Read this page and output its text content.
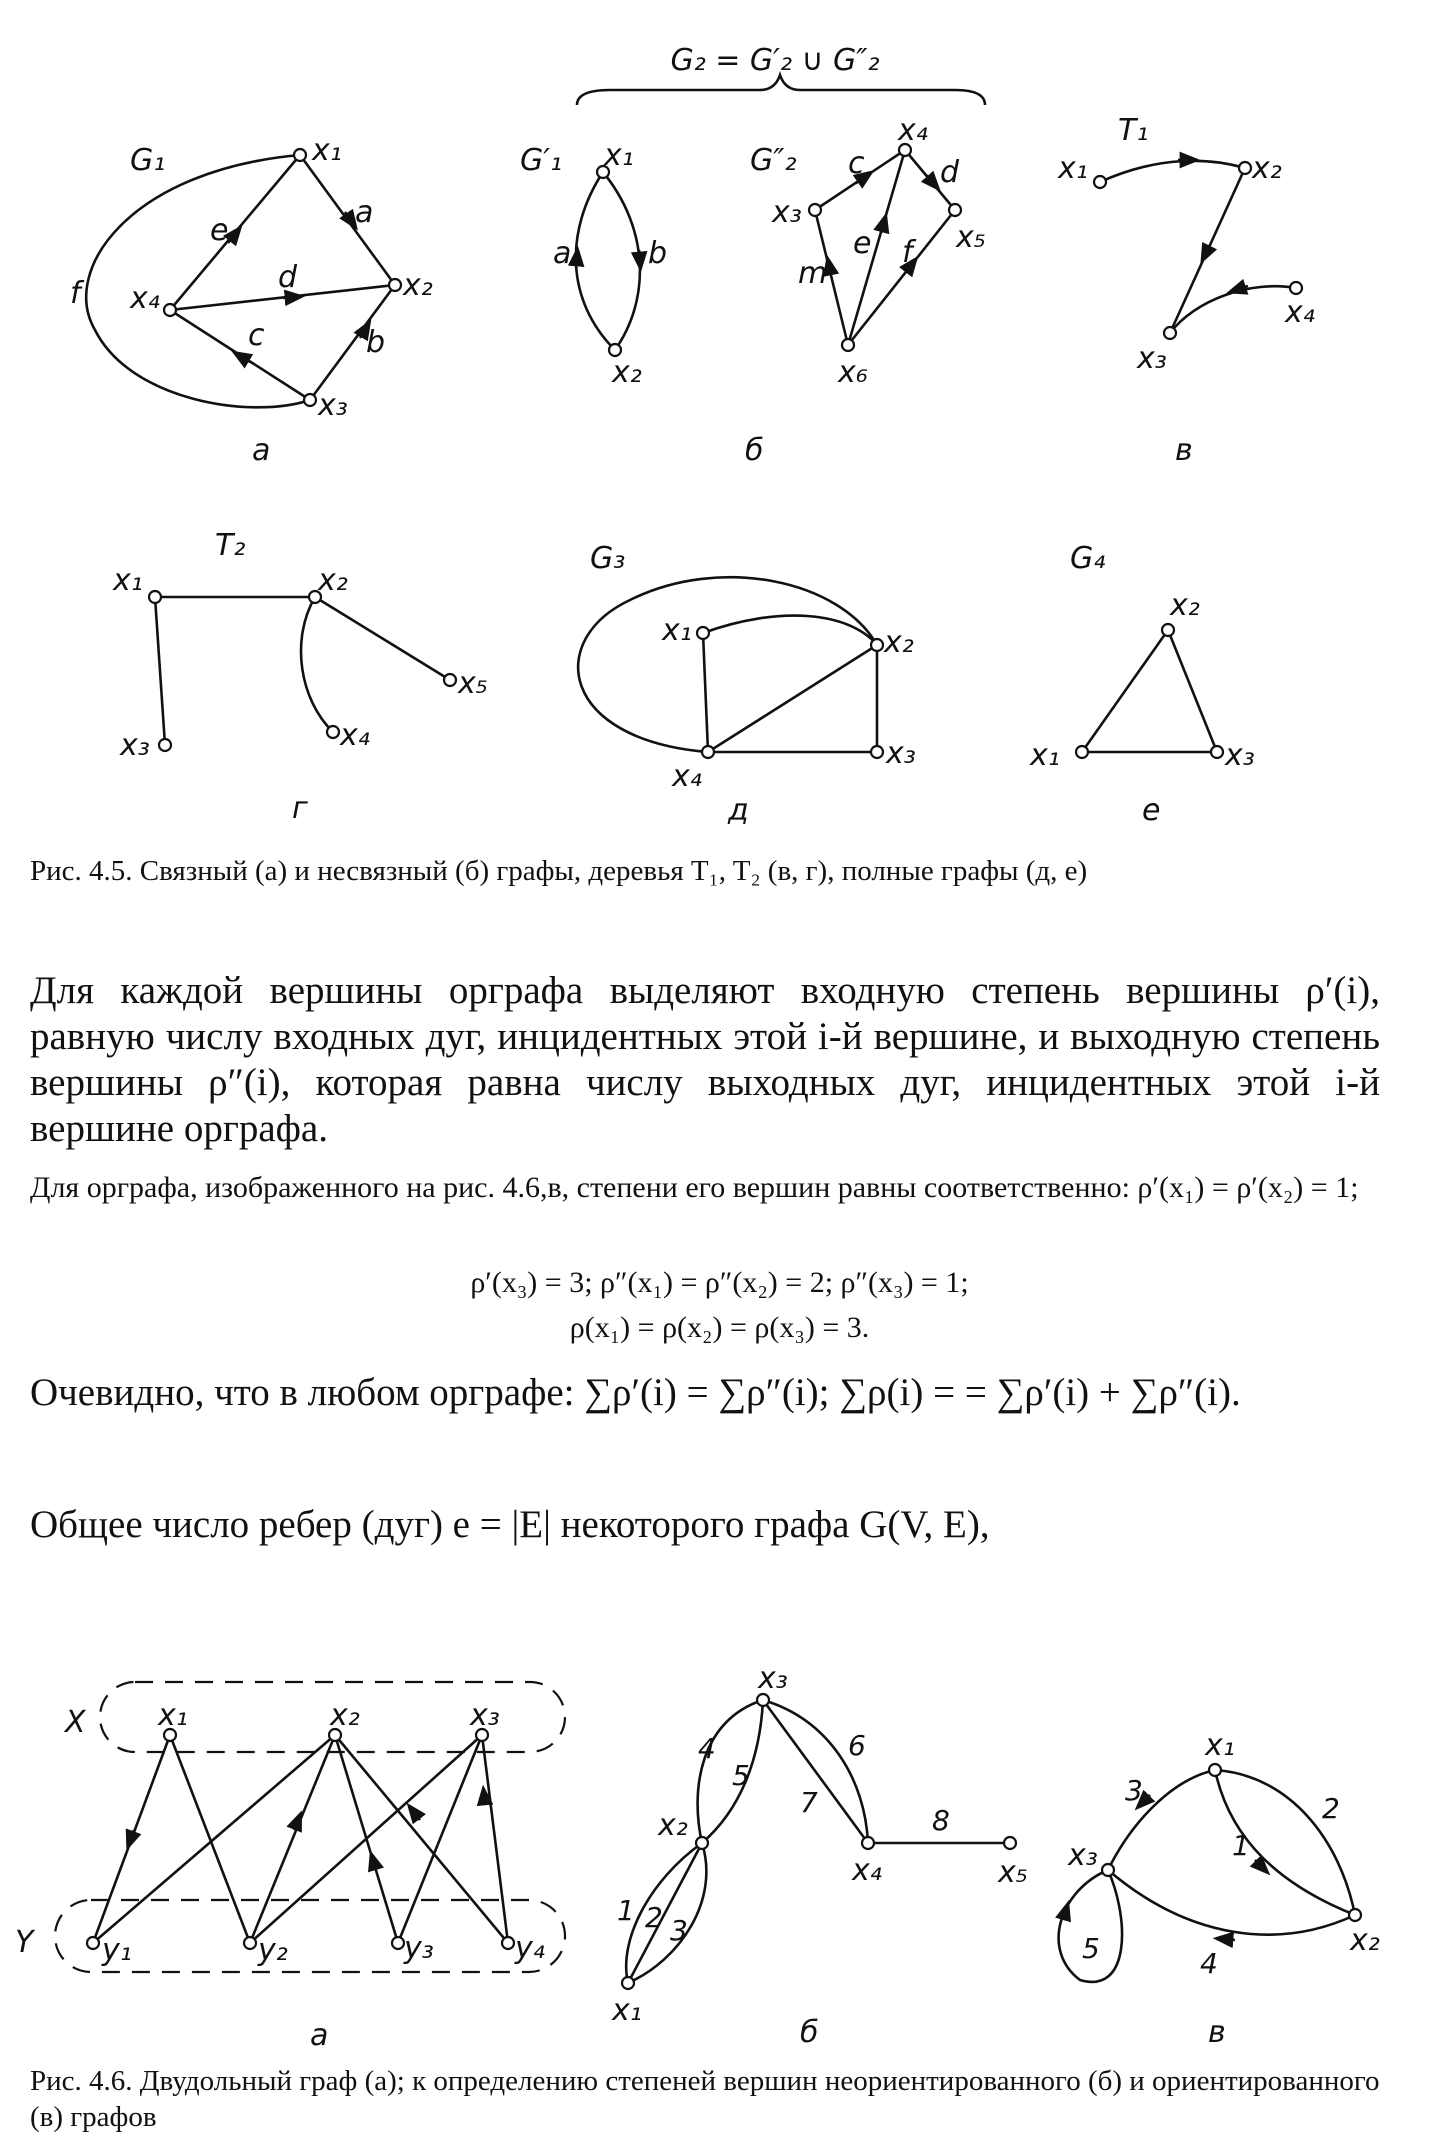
G₂ = G′₂ ∪ G″₂
G₁	x₁
x₂
x₃
x₄
a
b
c
d
e
f
а
G′₁ x₁
x₂
a	b
G″₂
x₃
x₄
x₅
x₆
c	d
e f
m
б
T₁
x₁	x₂
x₃
x₄
в
T₂
x₁	x₂
x₃	x₄
x₅
г
G₃
x₁	x₂
x₃
x₄
д
G₄
x₁
x₂
x₃
е
Рис. 4.5. Связный (а) и несвязный (б) графы, деревья T₁, T₂ (в, г), полные графы (д, е)
Для каждой вершины орграфа выделяют входную степень вершины ρ′(i), равную числу входных дуг, инцидентных этой i-й вершине, и выходную степень вершины ρ″(i), которая равна числу выходных дуг, инцидентных этой i-й вершине орграфа.
Для орграфа, изображенного на рис. 4.6,в, степени его вершин равны соответственно: ρ′(x₁) = ρ′(x₂) = 1;
ρ′(x₃) = 3; ρ″(x₁) = ρ″(x₂) = 2; ρ″(x₃) = 1;
ρ(x₁) = ρ(x₂) = ρ(x₃) = 3.
Очевидно, что в любом орграфе: ∑ρ′(i) = ∑ρ″(i); ∑ρ(i) = = ∑ρ′(i) + ∑ρ″(i).
Общее число ребер (дуг) e = |E| некоторого графа G(V, E),
X
Y
x₁	x₂	x₃
y₁	y₂	y₃	y₄
а
x₁
x₂
x₃
x₄	x₅
1 2 3
4
5
6
7
8
б
x₁
x₂
x₃	1
2
3
4
5
в
Рис. 4.6. Двудольный граф (а); к определению степеней вершин неориентированного (б) и ориентированного (в) графов
